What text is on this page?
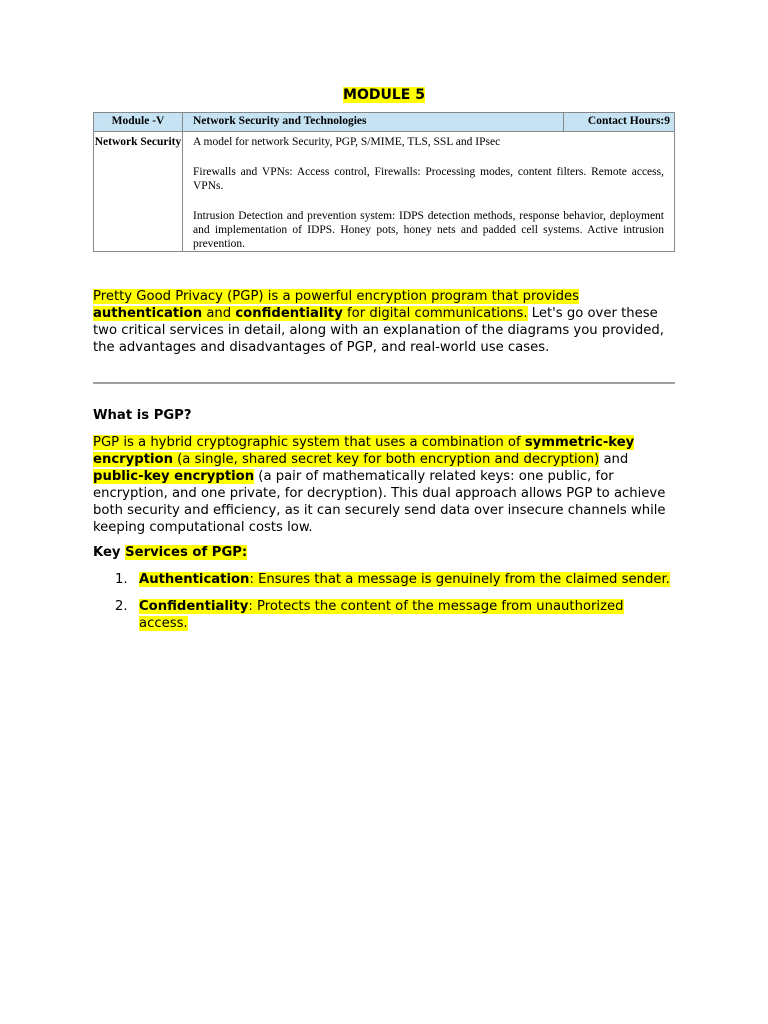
MODULE 5
Module -V	Network Security and Technologies	Contact Hours:9
Network Security	A model for network Security, PGP, S/MIME, TLS, SSL and IPsec

Firewalls and VPNs: Access control, Firewalls: Processing modes, content filters. Remote access, VPNs.

Intrusion Detection and prevention system: IDPS detection methods, response behavior, deployment and implementation of IDPS. Honey pots, honey nets and padded cell systems. Active intrusion prevention.	

Pretty Good Privacy (PGP) is a powerful encryption program that provides authentication and confidentiality for digital communications. Let's go over these two critical services in detail, along with an explanation of the diagrams you provided, the advantages and disadvantages of PGP, and real-world use cases.
What is PGP?
PGP is a hybrid cryptographic system that uses a combination of symmetric-key encryption (a single, shared secret key for both encryption and decryption) and public-key encryption (a pair of mathematically related keys: one public, for encryption, and one private, for decryption). This dual approach allows PGP to achieve both security and efficiency, as it can securely send data over insecure channels while keeping computational costs low.
Key Services of PGP:
1. Authentication: Ensures that a message is genuinely from the claimed sender.
2. Confidentiality: Protects the content of the message from unauthorized access.
